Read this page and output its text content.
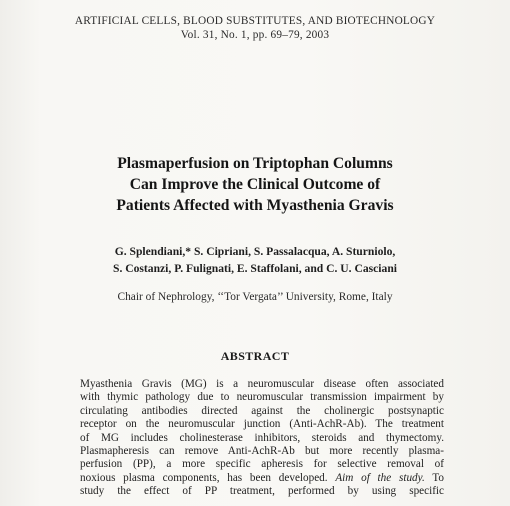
ARTIFICIAL CELLS, BLOOD SUBSTITUTES, AND BIOTECHNOLOGY
Vol. 31, No. 1, pp. 69–79, 2003
Plasmaperfusion on Triptophan Columns
Can Improve the Clinical Outcome of
Patients Affected with Myasthenia Gravis
G. Splendiani,* S. Cipriani, S. Passalacqua, A. Sturniolo,
S. Costanzi, P. Fulignati, E. Staffolani, and C. U. Casciani
Chair of Nephrology, ‘‘Tor Vergata’’ University, Rome, Italy
ABSTRACT
Myasthenia Gravis (MG) is a neuromuscular disease often associated
with thymic pathology due to neuromuscular transmission impairment by
circulating antibodies directed against the cholinergic postsynaptic
receptor on the neuromuscular junction (Anti-AchR-Ab). The treatment
of MG includes cholinesterase inhibitors, steroids and thymectomy.
Plasmapheresis can remove Anti-AchR-Ab but more recently plasma-
perfusion (PP), a more specific apheresis for selective removal of
noxious plasma components, has been developed. Aim of the study. To
study the effect of PP treatment, performed by using specific
